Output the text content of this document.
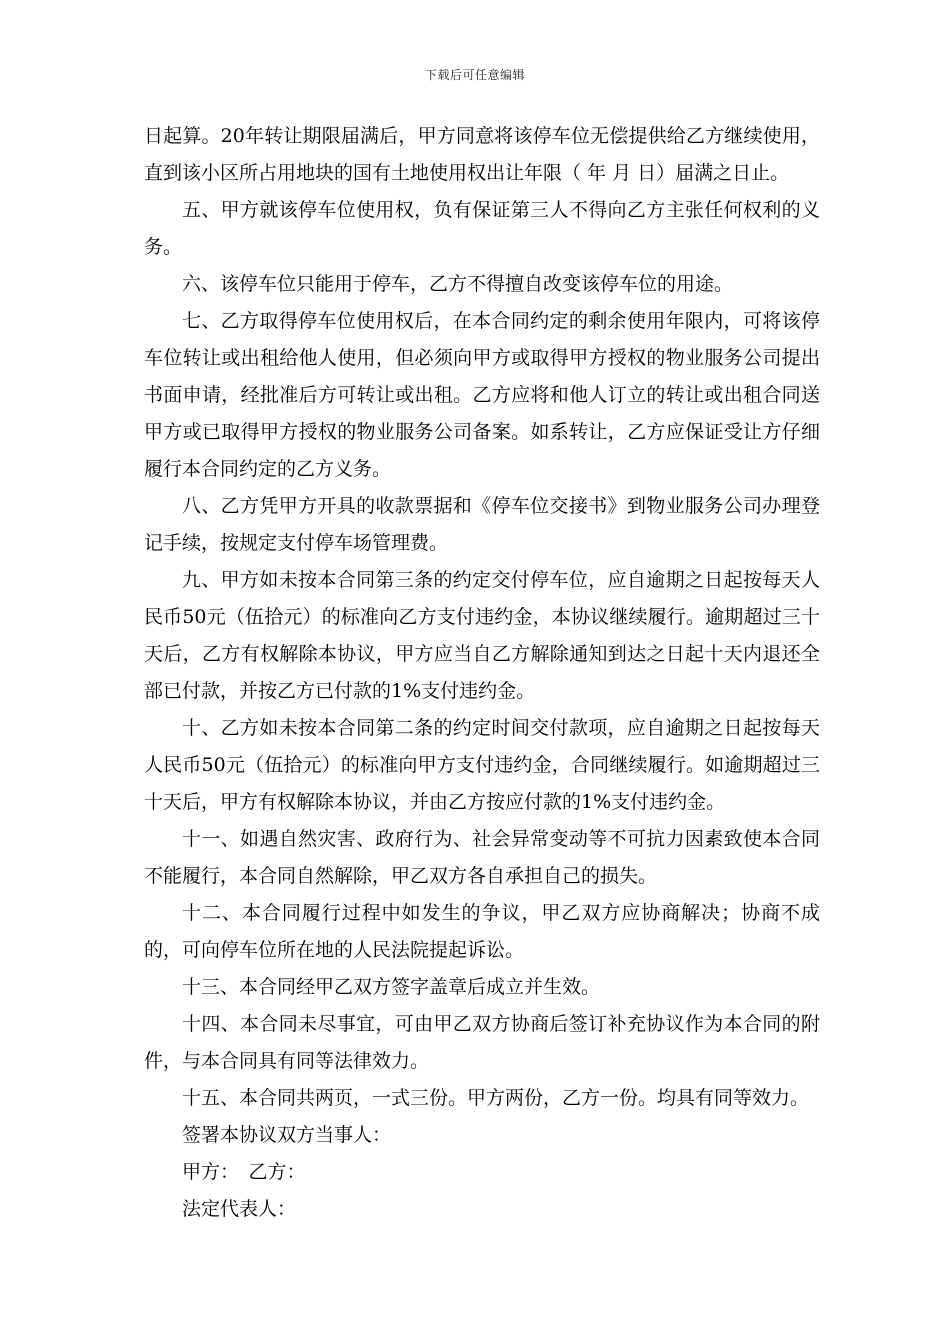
下载后可任意编辑

日起算。20年转让期限届满后，甲方同意将该停车位无偿提供给乙方继续使用，直到该小区所占用地块的国有土地使用权出让年限（ 年 月 日）届满之日止。

五、甲方就该停车位使用权，负有保证第三人不得向乙方主张任何权利的义务。

六、该停车位只能用于停车，乙方不得擅自改变该停车位的用途。

七、乙方取得停车位使用权后，在本合同约定的剩余使用年限内，可将该停车位转让或出租给他人使用，但必须向甲方或取得甲方授权的物业服务公司提出书面申请，经批准后方可转让或出租。乙方应将和他人订立的转让或出租合同送甲方或已取得甲方授权的物业服务公司备案。如系转让，乙方应保证受让方仔细履行本合同约定的乙方义务。

八、乙方凭甲方开具的收款票据和《停车位交接书》到物业服务公司办理登记手续，按规定支付停车场管理费。

九、甲方如未按本合同第三条的约定交付停车位，应自逾期之日起按每天人民币50元（伍拾元）的标准向乙方支付违约金，本协议继续履行。逾期超过三十天后，乙方有权解除本协议，甲方应当自乙方解除通知到达之日起十天内退还全部已付款，并按乙方已付款的1%支付违约金。

十、乙方如未按本合同第二条的约定时间交付款项，应自逾期之日起按每天人民币50元（伍拾元）的标准向甲方支付违约金，合同继续履行。如逾期超过三十天后，甲方有权解除本协议，并由乙方按应付款的1%支付违约金。

十一、如遇自然灾害、政府行为、社会异常变动等不可抗力因素致使本合同不能履行，本合同自然解除，甲乙双方各自承担自己的损失。

十二、本合同履行过程中如发生的争议，甲乙双方应协商解决；协商不成的，可向停车位所在地的人民法院提起诉讼。

十三、本合同经甲乙双方签字盖章后成立并生效。

十四、本合同未尽事宜，可由甲乙双方协商后签订补充协议作为本合同的附件，与本合同具有同等法律效力。

十五、本合同共两页，一式三份。甲方两份，乙方一份。均具有同等效力。

签署本协议双方当事人：

甲方：　乙方：

法定代表人：
